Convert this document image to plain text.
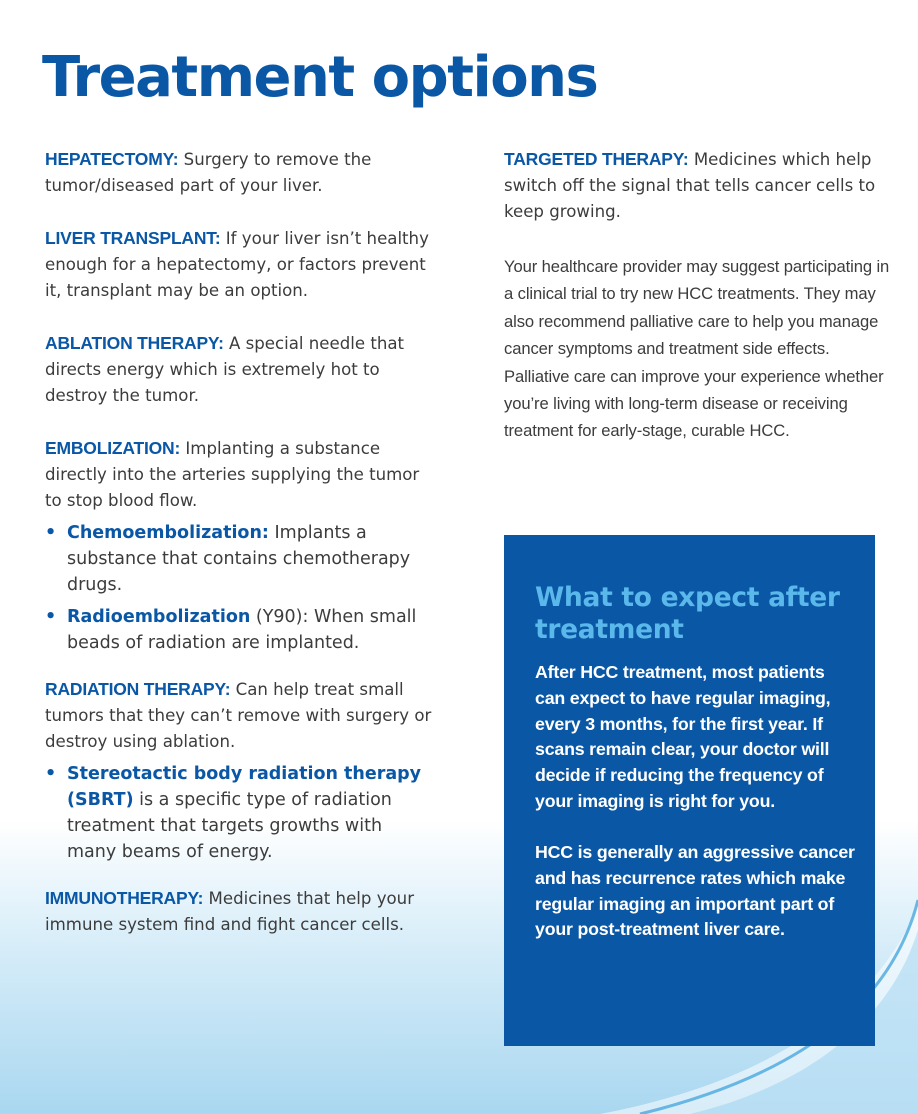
Treatment options

HEPATECTOMY: Surgery to remove the tumor/diseased part of your liver.

LIVER TRANSPLANT: If your liver isn’t healthy enough for a hepatectomy, or factors prevent it, transplant may be an option.

ABLATION THERAPY: A special needle that directs energy which is extremely hot to destroy the tumor.

EMBOLIZATION: Implanting a substance directly into the arteries supplying the tumor to stop blood flow.

• Chemoembolization: Implants a substance that contains chemotherapy drugs.
• Radioembolization (Y90): When small beads of radiation are implanted.

RADIATION THERAPY: Can help treat small tumors that they can’t remove with surgery or destroy using ablation.

• Stereotactic body radiation therapy (SBRT) is a specific type of radiation treatment that targets growths with many beams of energy.

IMMUNOTHERAPY: Medicines that help your immune system find and fight cancer cells.

TARGETED THERAPY: Medicines which help switch off the signal that tells cancer cells to keep growing.

Your healthcare provider may suggest participating in a clinical trial to try new HCC treatments. They may also recommend palliative care to help you manage cancer symptoms and treatment side effects. Palliative care can improve your experience whether you’re living with long-term disease or receiving treatment for early-stage, curable HCC.

What to expect after treatment

After HCC treatment, most patients can expect to have regular imaging, every 3 months, for the first year. If scans remain clear, your doctor will decide if reducing the frequency of your imaging is right for you.

HCC is generally an aggressive cancer and has recurrence rates which make regular imaging an important part of your post-treatment liver care.
